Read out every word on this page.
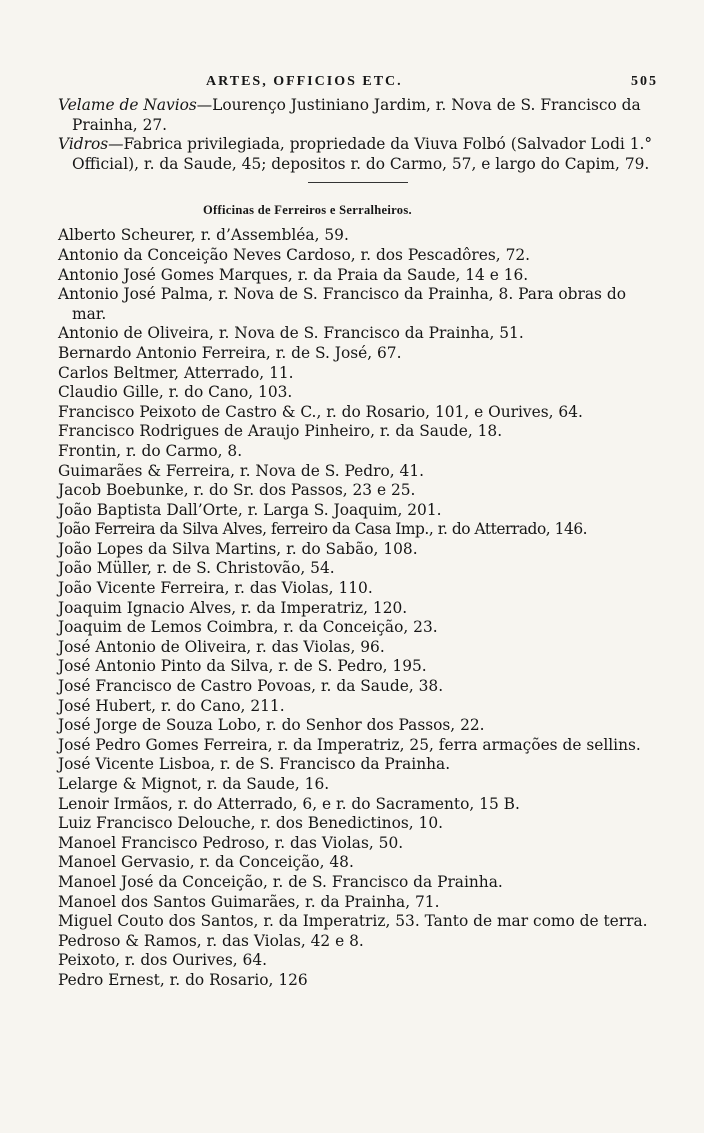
ARTES, OFFICIOS ETC.	505
Velame de Navios—Lourenço Justiniano Jardim, r. Nova de S. Francisco da Prainha, 27.
Vidros—Fabrica privilegiada, propriedade da Viuva Folbó (Salvador Lodi 1.° Official), r. da Saude, 45; depositos r. do Carmo, 57, e largo do Capim, 79.
Officinas de Ferreiros e Serralheiros.
Alberto Scheurer, r. d’Assembléa, 59.
Antonio da Conceição Neves Cardoso, r. dos Pescadôres, 72.
Antonio José Gomes Marques, r. da Praia da Saude, 14 e 16.
Antonio José Palma, r. Nova de S. Francisco da Prainha, 8. Para obras do mar.
Antonio de Oliveira, r. Nova de S. Francisco da Prainha, 51.
Bernardo Antonio Ferreira, r. de S. José, 67.
Carlos Beltmer, Atterrado, 11.
Claudio Gille, r. do Cano, 103.
Francisco Peixoto de Castro & C., r. do Rosario, 101, e Ourives, 64.
Francisco Rodrigues de Araujo Pinheiro, r. da Saude, 18.
Frontin, r. do Carmo, 8.
Guimarães & Ferreira, r. Nova de S. Pedro, 41.
Jacob Boebunke, r. do Sr. dos Passos, 23 e 25.
João Baptista Dall’Orte, r. Larga S. Joaquim, 201.
João Ferreira da Silva Alves, ferreiro da Casa Imp., r. do Atterrado, 146.
João Lopes da Silva Martins, r. do Sabão, 108.
João Müller, r. de S. Christovão, 54.
João Vicente Ferreira, r. das Violas, 110.
Joaquim Ignacio Alves, r. da Imperatriz, 120.
Joaquim de Lemos Coimbra, r. da Conceição, 23.
José Antonio de Oliveira, r. das Violas, 96.
José Antonio Pinto da Silva, r. de S. Pedro, 195.
José Francisco de Castro Povoas, r. da Saude, 38.
José Hubert, r. do Cano, 211.
José Jorge de Souza Lobo, r. do Senhor dos Passos, 22.
José Pedro Gomes Ferreira, r. da Imperatriz, 25, ferra armações de sellins.
José Vicente Lisboa, r. de S. Francisco da Prainha.
Lelarge & Mignot, r. da Saude, 16.
Lenoir Irmãos, r. do Atterrado, 6, e r. do Sacramento, 15 B.
Luiz Francisco Delouche, r. dos Benedictinos, 10.
Manoel Francisco Pedroso, r. das Violas, 50.
Manoel Gervasio, r. da Conceição, 48.
Manoel José da Conceição, r. de S. Francisco da Prainha.
Manoel dos Santos Guimarães, r. da Prainha, 71.
Miguel Couto dos Santos, r. da Imperatriz, 53. Tanto de mar como de terra.
Pedroso & Ramos, r. das Violas, 42 e 8.
Peixoto, r. dos Ourives, 64.
Pedro Ernest, r. do Rosario, 126
